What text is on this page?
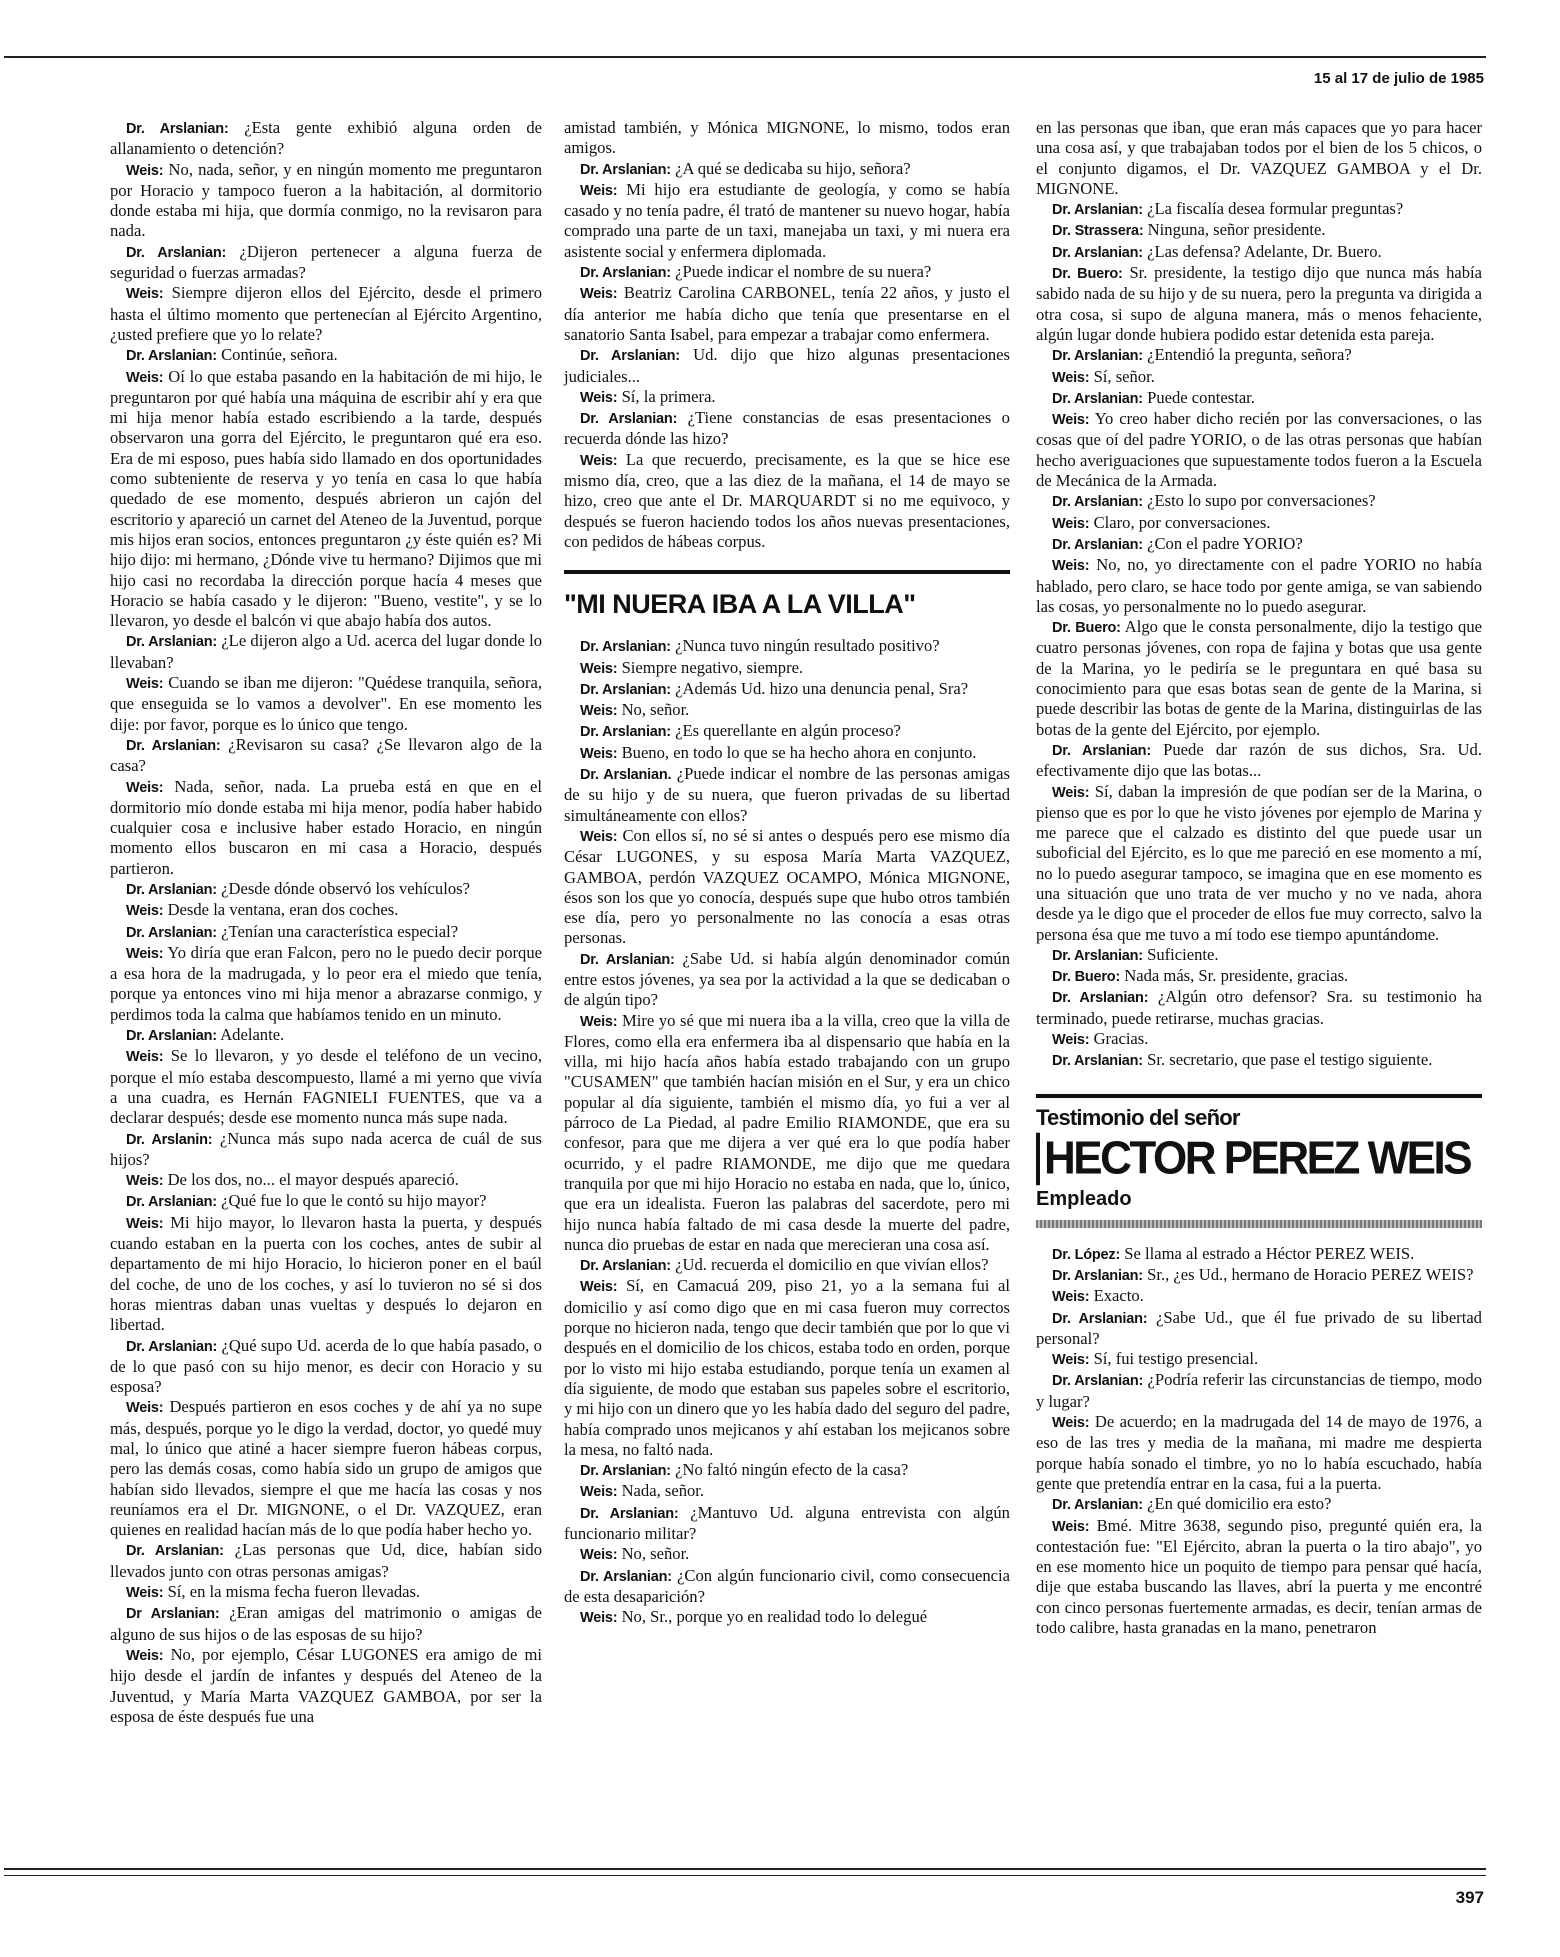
15 al 17 de julio de 1985

Dr. Arslanian: ¿Esta gente exhibió alguna orden de allanamiento o detención?

Weis: No, nada, señor, y en ningún momento me preguntaron por Horacio y tampoco fueron a la habitación, al dormitorio donde estaba mi hija, que dormía conmigo, no la revisaron para nada.

Dr. Arslanian: ¿Dijeron pertenecer a alguna fuerza de seguridad o fuerzas armadas?

Weis: Siempre dijeron ellos del Ejército, desde el primero hasta el último momento que pertenecían al Ejército Argentino, ¿usted prefiere que yo lo relate?

Dr. Arslanian: Continúe, señora.

Weis: Oí lo que estaba pasando en la habitación de mi hijo, le preguntaron por qué había una máquina de escribir ahí y era que mi hija menor había estado escribiendo a la tarde, después observaron una gorra del Ejército, le preguntaron qué era eso. Era de mi esposo, pues había sido llamado en dos oportunidades como subteniente de reserva y yo tenía en casa lo que había quedado de ese momento, después abrieron un cajón del escritorio y apareció un carnet del Ateneo de la Juventud, porque mis hijos eran socios, entonces preguntaron ¿y éste quién es? Mi hijo dijo: mi hermano, ¿Dónde vive tu hermano? Dijimos que mi hijo casi no recordaba la dirección porque hacía 4 meses que Horacio se había casado y le dijeron: "Bueno, vestite", y se lo llevaron, yo desde el balcón vi que abajo había dos autos.

Dr. Arslanian: ¿Le dijeron algo a Ud. acerca del lugar donde lo llevaban?

Weis: Cuando se iban me dijeron: "Quédese tranquila, señora, que enseguida se lo vamos a devolver". En ese momento les dije: por favor, porque es lo único que tengo.

Dr. Arslanian: ¿Revisaron su casa? ¿Se llevaron algo de la casa?

Weis: Nada, señor, nada. La prueba está en que en el dormitorio mío donde estaba mi hija menor, podía haber habido cualquier cosa e inclusive haber estado Horacio, en ningún momento ellos buscaron en mi casa a Horacio, después partieron.

Dr. Arslanian: ¿Desde dónde observó los vehículos?

Weis: Desde la ventana, eran dos coches.

Dr. Arslanian: ¿Tenían una característica especial?

Weis: Yo diría que eran Falcon, pero no le puedo decir porque a esa hora de la madrugada, y lo peor era el miedo que tenía, porque ya entonces vino mi hija menor a abrazarse conmigo, y perdimos toda la calma que habíamos tenido en un minuto.

Dr. Arslanian: Adelante.

Weis: Se lo llevaron, y yo desde el teléfono de un vecino, porque el mío estaba descompuesto, llamé a mi yerno que vivía a una cuadra, es Hernán FAGNIELI FUENTES, que va a declarar después; desde ese momento nunca más supe nada.

Dr. Arslanin: ¿Nunca más supo nada acerca de cuál de sus hijos?

Weis: De los dos, no... el mayor después apareció.

Dr. Arslanian: ¿Qué fue lo que le contó su hijo mayor?

Weis: Mi hijo mayor, lo llevaron hasta la puerta, y después cuando estaban en la puerta con los coches, antes de subir al departamento de mi hijo Horacio, lo hicieron poner en el baúl del coche, de uno de los coches, y así lo tuvieron no sé si dos horas mientras daban unas vueltas y después lo dejaron en libertad.

Dr. Arslanian: ¿Qué supo Ud. acerda de lo que había pasado, o de lo que pasó con su hijo menor, es decir con Horacio y su esposa?

Weis: Después partieron en esos coches y de ahí ya no supe más, después, porque yo le digo la verdad, doctor, yo quedé muy mal, lo único que atiné a hacer siempre fueron hábeas corpus, pero las demás cosas, como había sido un grupo de amigos que habían sido llevados, siempre el que me hacía las cosas y nos reuníamos era el Dr. MIGNONE, o el Dr. VAZQUEZ, eran quienes en realidad hacían más de lo que podía haber hecho yo.

Dr. Arslanian: ¿Las personas que Ud, dice, habían sido llevados junto con otras personas amigas?

Weis: Sí, en la misma fecha fueron llevadas.

Dr Arslanian: ¿Eran amigas del matrimonio o amigas de alguno de sus hijos o de las esposas de su hijo?

Weis: No, por ejemplo, César LUGONES era amigo de mi hijo desde el jardín de infantes y después del Ateneo de la Juventud, y María Marta VAZQUEZ GAMBOA, por ser la esposa de éste después fue una

amistad también, y Mónica MIGNONE, lo mismo, todos eran amigos.

Dr. Arslanian: ¿A qué se dedicaba su hijo, señora?

Weis: Mi hijo era estudiante de geología, y como se había casado y no tenía padre, él trató de mantener su nuevo hogar, había comprado una parte de un taxi, manejaba un taxi, y mi nuera era asistente social y enfermera diplomada.

Dr. Arslanian: ¿Puede indicar el nombre de su nuera?

Weis: Beatriz Carolina CARBONEL, tenía 22 años, y justo el día anterior me había dicho que tenía que presentarse en el sanatorio Santa Isabel, para empezar a trabajar como enfermera.

Dr. Arslanian: Ud. dijo que hizo algunas presentaciones judiciales...

Weis: Sí, la primera.

Dr. Arslanian: ¿Tiene constancias de esas presentaciones o recuerda dónde las hizo?

Weis: La que recuerdo, precisamente, es la que se hice ese mismo día, creo, que a las diez de la mañana, el 14 de mayo se hizo, creo que ante el Dr. MARQUARDT si no me equivoco, y después se fueron haciendo todos los años nuevas presentaciones, con pedidos de hábeas corpus.

"MI NUERA IBA A LA VILLA"

Dr. Arslanian: ¿Nunca tuvo ningún resultado positivo?

Weis: Siempre negativo, siempre.

Dr. Arslanian: ¿Además Ud. hizo una denuncia penal, Sra?

Weis: No, señor.

Dr. Arslanian: ¿Es querellante en algún proceso?

Weis: Bueno, en todo lo que se ha hecho ahora en conjunto.

Dr. Arslanian. ¿Puede indicar el nombre de las personas amigas de su hijo y de su nuera, que fueron privadas de su libertad simultáneamente con ellos?

Weis: Con ellos sí, no sé si antes o después pero ese mismo día César LUGONES, y su esposa María Marta VAZQUEZ, GAMBOA, perdón VAZQUEZ OCAMPO, Mónica MIGNONE, ésos son los que yo conocía, después supe que hubo otros también ese día, pero yo personalmente no las conocía a esas otras personas.

Dr. Arslanian: ¿Sabe Ud. si había algún denominador común entre estos jóvenes, ya sea por la actividad a la que se dedicaban o de algún tipo?

Weis: Mire yo sé que mi nuera iba a la villa, creo que la villa de Flores, como ella era enfermera iba al dispensario que había en la villa, mi hijo hacía años había estado trabajando con un grupo "CUSAMEN" que también hacían misión en el Sur, y era un chico popular al día siguiente, también el mismo día, yo fui a ver al párroco de La Piedad, al padre Emilio RIAMONDE, que era su confesor, para que me dijera a ver qué era lo que podía haber ocurrido, y el padre RIAMONDE, me dijo que me quedara tranquila por que mi hijo Horacio no estaba en nada, que lo, único, que era un idealista. Fueron las palabras del sacerdote, pero mi hijo nunca había faltado de mi casa desde la muerte del padre, nunca dio pruebas de estar en nada que merecieran una cosa así.

Dr. Arslanian: ¿Ud. recuerda el domicilio en que vivían ellos?

Weis: Sí, en Camacuá 209, piso 21, yo a la semana fui al domicilio y así como digo que en mi casa fueron muy correctos porque no hicieron nada, tengo que decir también que por lo que vi después en el domicilio de los chicos, estaba todo en orden, porque por lo visto mi hijo estaba estudiando, porque tenía un examen al día siguiente, de modo que estaban sus papeles sobre el escritorio, y mi hijo con un dinero que yo les había dado del seguro del padre, había comprado unos mejicanos y ahí estaban los mejicanos sobre la mesa, no faltó nada.

Dr. Arslanian: ¿No faltó ningún efecto de la casa?

Weis: Nada, señor.

Dr. Arslanian: ¿Mantuvo Ud. alguna entrevista con algún funcionario militar?

Weis: No, señor.

Dr. Arslanian: ¿Con algún funcionario civil, como consecuencia de esta desaparición?

Weis: No, Sr., porque yo en realidad todo lo delegué

en las personas que iban, que eran más capaces que yo para hacer una cosa así, y que trabajaban todos por el bien de los 5 chicos, o el conjunto digamos, el Dr. VAZQUEZ GAMBOA y el Dr. MIGNONE.

Dr. Arslanian: ¿La fiscalía desea formular preguntas?

Dr. Strassera: Ninguna, señor presidente.

Dr. Arslanian: ¿Las defensa? Adelante, Dr. Buero.

Dr. Buero: Sr. presidente, la testigo dijo que nunca más había sabido nada de su hijo y de su nuera, pero la pregunta va dirigida a otra cosa, si supo de alguna manera, más o menos fehaciente, algún lugar donde hubiera podido estar detenida esta pareja.

Dr. Arslanian: ¿Entendió la pregunta, señora?

Weis: Sí, señor.

Dr. Arslanian: Puede contestar.

Weis: Yo creo haber dicho recién por las conversaciones, o las cosas que oí del padre YORIO, o de las otras personas que habían hecho averiguaciones que supuestamente todos fueron a la Escuela de Mecánica de la Armada.

Dr. Arslanian: ¿Esto lo supo por conversaciones?

Weis: Claro, por conversaciones.

Dr. Arslanian: ¿Con el padre YORIO?

Weis: No, no, yo directamente con el padre YORIO no había hablado, pero claro, se hace todo por gente amiga, se van sabiendo las cosas, yo personalmente no lo puedo asegurar.

Dr. Buero: Algo que le consta personalmente, dijo la testigo que cuatro personas jóvenes, con ropa de fajina y botas que usa gente de la Marina, yo le pediría se le preguntara en qué basa su conocimiento para que esas botas sean de gente de la Marina, si puede describir las botas de gente de la Marina, distinguirlas de las botas de la gente del Ejército, por ejemplo.

Dr. Arslanian: Puede dar razón de sus dichos, Sra. Ud. efectivamente dijo que las botas...

Weis: Sí, daban la impresión de que podían ser de la Marina, o pienso que es por lo que he visto jóvenes por ejemplo de Marina y me parece que el calzado es distinto del que puede usar un suboficial del Ejército, es lo que me pareció en ese momento a mí, no lo puedo asegurar tampoco, se imagina que en ese momento es una situación que uno trata de ver mucho y no ve nada, ahora desde ya le digo que el proceder de ellos fue muy correcto, salvo la persona ésa que me tuvo a mí todo ese tiempo apuntándome.

Dr. Arslanian: Suficiente.

Dr. Buero: Nada más, Sr. presidente, gracias.

Dr. Arslanian: ¿Algún otro defensor? Sra. su testimonio ha terminado, puede retirarse, muchas gracias.

Weis: Gracias.

Dr. Arslanian: Sr. secretario, que pase el testigo siguiente.

Testimonio del señor
HECTOR PEREZ WEIS
Empleado

Dr. López: Se llama al estrado a Héctor PEREZ WEIS.

Dr. Arslanian: Sr., ¿es Ud., hermano de Horacio PEREZ WEIS?

Weis: Exacto.

Dr. Arslanian: ¿Sabe Ud., que él fue privado de su libertad personal?

Weis: Sí, fui testigo presencial.

Dr. Arslanian: ¿Podría referir las circunstancias de tiempo, modo y lugar?

Weis: De acuerdo; en la madrugada del 14 de mayo de 1976, a eso de las tres y media de la mañana, mi madre me despierta porque había sonado el timbre, yo no lo había escuchado, había gente que pretendía entrar en la casa, fui a la puerta.

Dr. Arslanian: ¿En qué domicilio era esto?

Weis: Bmé. Mitre 3638, segundo piso, pregunté quién era, la contestación fue: "El Ejército, abran la puerta o la tiro abajo", yo en ese momento hice un poquito de tiempo para pensar qué hacía, dije que estaba buscando las llaves, abrí la puerta y me encontré con cinco personas fuertemente armadas, es decir, tenían armas de todo calibre, hasta granadas en la mano, penetraron

397
